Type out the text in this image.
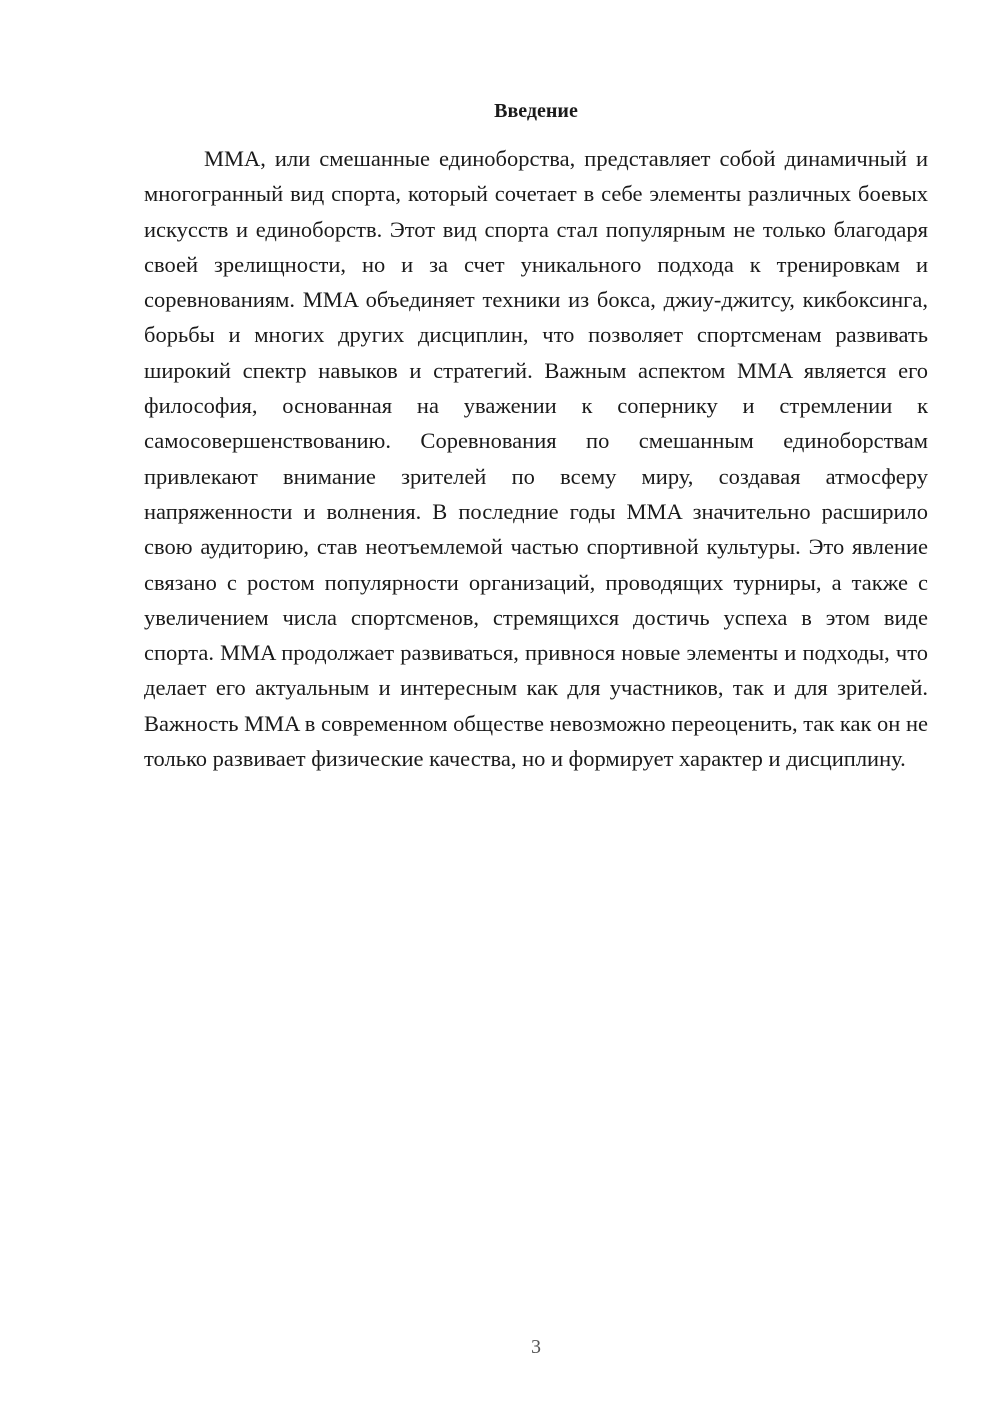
Введение

MMA, или смешанные единоборства, представляет собой динамичный и многогранный вид спорта, который сочетает в себе элементы различных боевых искусств и единоборств. Этот вид спорта стал популярным не только благодаря своей зрелищности, но и за счет уникального подхода к тренировкам и соревнованиям. MMA объединяет техники из бокса, джиу-джитсу, кикбоксинга, борьбы и многих других дисциплин, что позволяет спортсменам развивать широкий спектр навыков и стратегий. Важным аспектом MMA является его философия, основанная на уважении к сопернику и стремлении к самосовершенствованию. Соревнования по смешанным единоборствам привлекают внимание зрителей по всему миру, создавая атмосферу напряженности и волнения. В последние годы MMA значительно расширило свою аудиторию, став неотъемлемой частью спортивной культуры. Это явление связано с ростом популярности организаций, проводящих турниры, а также с увеличением числа спортсменов, стремящихся достичь успеха в этом виде спорта. MMA продолжает развиваться, привнося новые элементы и подходы, что делает его актуальным и интересным как для участников, так и для зрителей. Важность MMA в современном обществе невозможно переоценить, так как он не только развивает физические качества, но и формирует характер и дисциплину.

3
